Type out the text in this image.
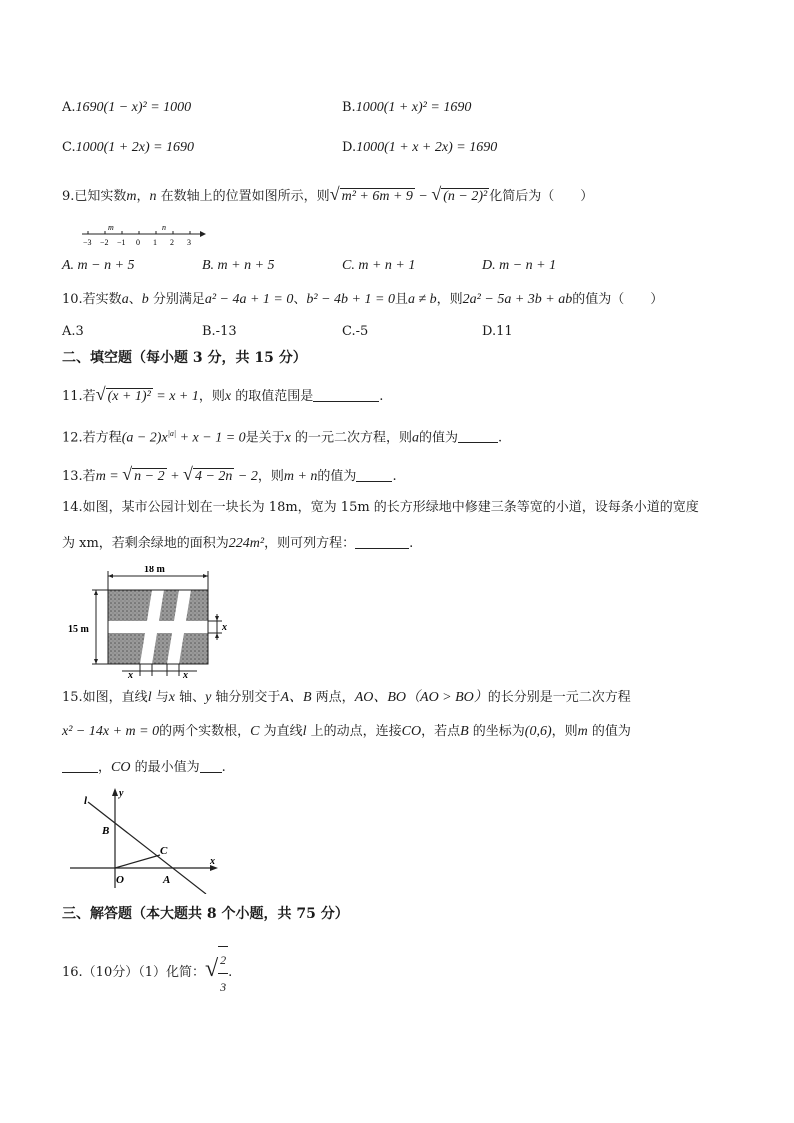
A.1690(1 − x)² = 1000	B.1000(1 + x)² = 1690
C.1000(1 + 2x) = 1690	D.1000(1 + x + 2x) = 1690
9.已知实数m，n 在数轴上的位置如图所示，则√ m² + 6m + 9 − √ (n − 2)² 化简后为（　　）
m	n
−3 −2 −1 0 1 2 3
A. m − n + 5	B. m + n + 5	C. m + n + 1	D. m − n + 1
10.若实数a、b 分别满足a² − 4a + 1 = 0、b² − 4b + 1 = 0且a ≠ b，则2a² − 5a + 3b + ab的值为（　　）
A.3	B.-13	C.-5	D.11
二、填空题（每小题 3 分，共 15 分）
11.若√ (x + 1)² = x + 1，则x 的取值范围是	.
12.若方程$(a - 2)x^{|a|} + x - 1 = 0$是关于x 的一元二次方程，则a的值为	.
13.若m = √ n − 2 + √ 4 − 2n − 2，则m + n的值为	.
14.如图，某市公园计划在一块长为 18m，宽为 15m 的长方形绿地中修建三条等宽的小道，设每条小道的宽度
为 xm，若剩余绿地的面积为224m²，则可列方程：	.
18 m
15 m	x
x	x
15.如图，直线l 与x 轴、y 轴分别交于A、B 两点，AO、BO（AO > BO）的长分别是一元二次方程
x² − 14x + m = 0的两个实数根，C 为直线l 上的动点，连接CO，若点B 的坐标为(0,6)，则m 的值为
，CO 的最小值为 .
l
y
B
C
O	A
x
三、解答题（本大题共 8 个小题，共 75 分）
16.（10分）（1）化简：√ $\frac{2}{3}$ .
